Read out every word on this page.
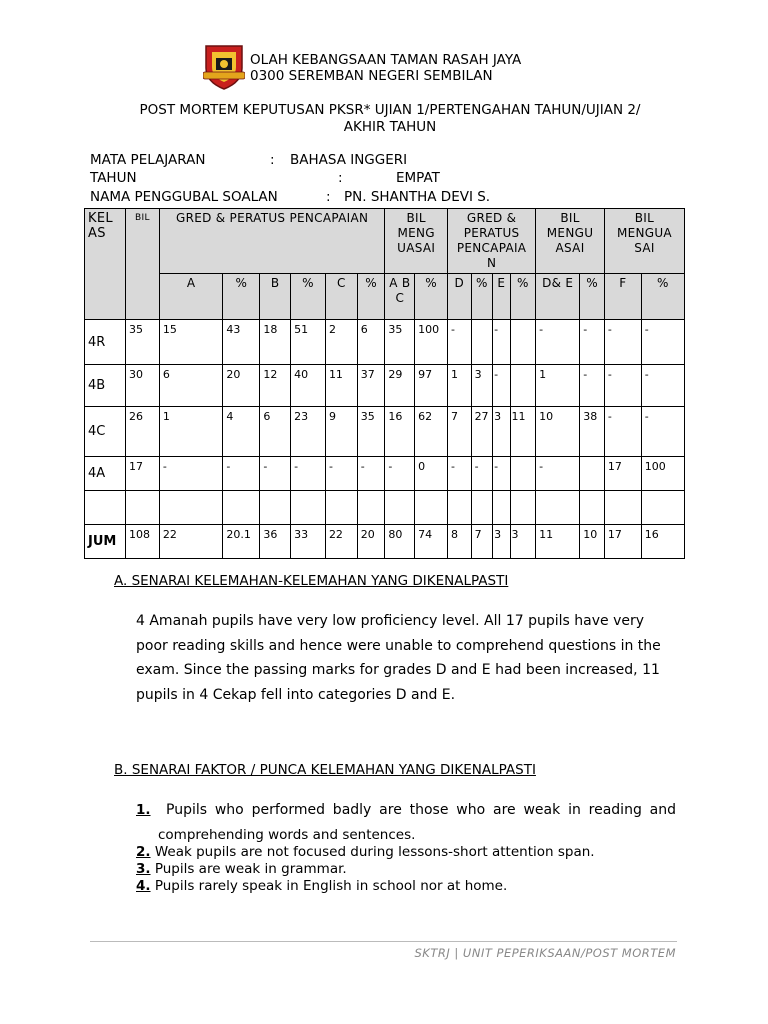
OLAH KEBANGSAAN TAMAN RASAH JAYA
0300 SEREMBAN NEGERI SEMBILAN
POST MORTEM KEPUTUSAN PKSR* UJIAN 1/PERTENGAHAN TAHUN/UJIAN 2/
AKHIR TAHUN
MATA PELAJARAN	: BAHASA INGGERI
TAHUN	:	EMPAT
NAMA PENGGUBAL SOALAN	: PN. SHANTHA DEVI S.
KEL AS	BIL	GRED & PERATUS PENCAPAIAN						BIL MENG UASAI		GRED & PERATUS PENCAPAIA N				BIL MENGU ASAI		BIL MENGUA SAI	
		A	%	B	%	C	%	A B C	%	D	%	E	%	D& E	%	F	%
4R	35	15	43	18	51	2	6	35	100	-		-		-	-	-	-
4B	30	6	20	12	40	11	37	29	97	1	3	-		1	-	-	-
4C	26	1	4	6	23	9	35	16	62	7	27	3	11	10	38	-	-
4A	17	-	-	-	-	-	-	-	0	-	-	-		-		17	100

JUM	108	22	20.1	36	33	22	20	80	74	8	7	3	3	11	10	17	16
A. SENARAI KELEMAHAN-KELEMAHAN YANG DIKENALPASTI
4 Amanah pupils have very low proficiency level. All 17 pupils have very poor reading skills and hence were unable to comprehend questions in the exam. Since the passing marks for grades D and E had been increased, 11 pupils in 4 Cekap fell into categories D and E.
B. SENARAI FAKTOR / PUNCA KELEMAHAN YANG DIKENALPASTI
1. Pupils who performed badly are those who are weak in reading and
comprehending words and sentences.
2. Weak pupils are not focused during lessons-short attention span.
3. Pupils are weak in grammar.
4. Pupils rarely speak in English in school nor at home.
SKTRJ | UNIT PEPERIKSAAN/POST MORTEM
